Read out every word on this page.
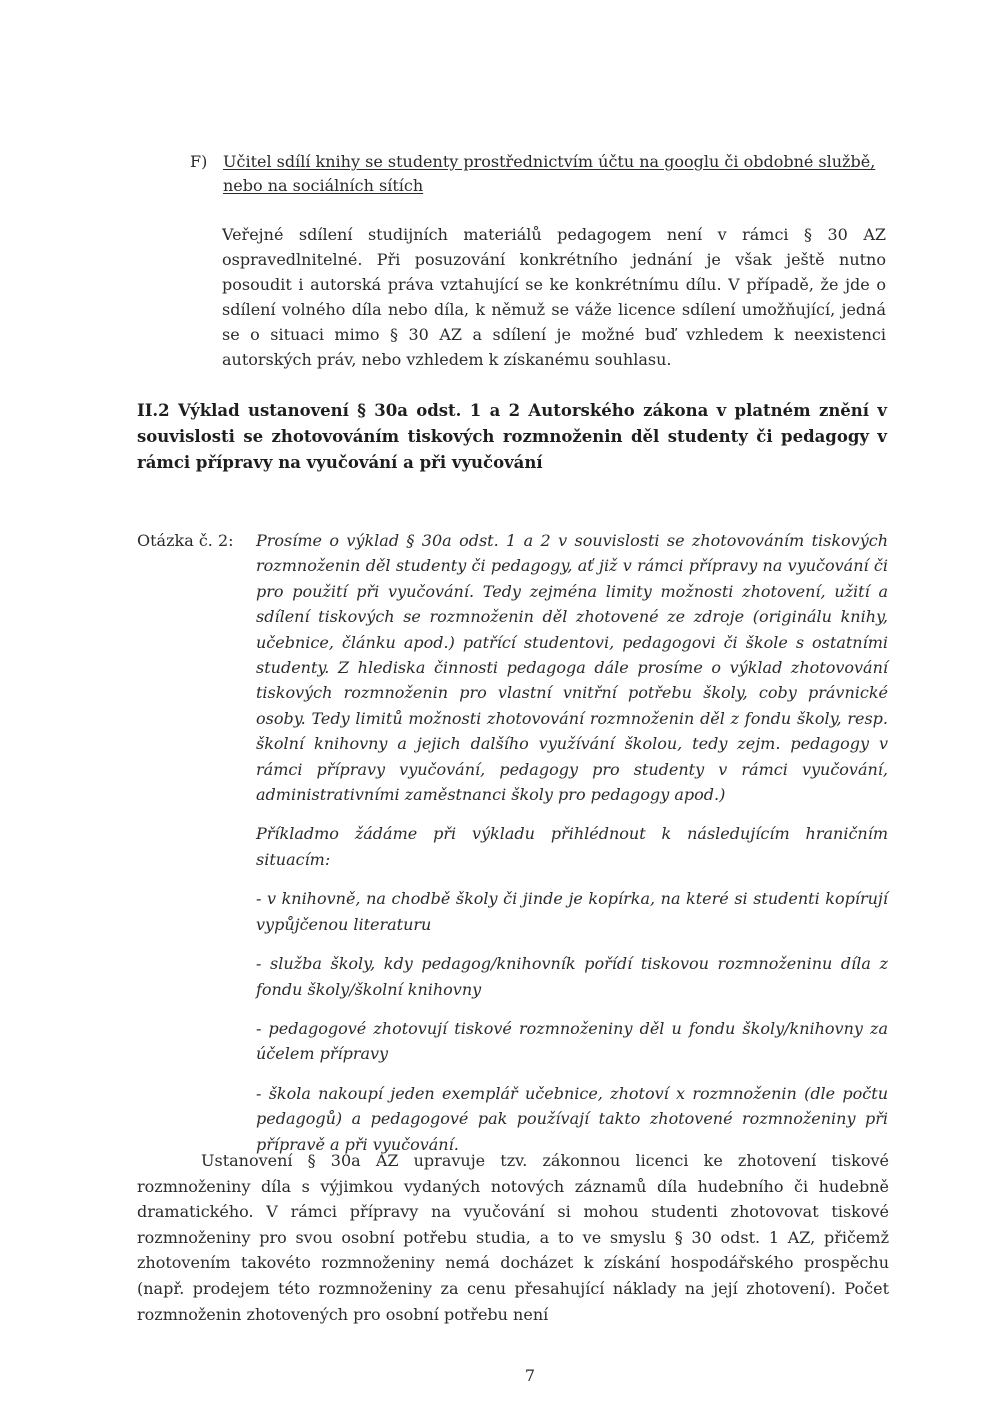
F) Učitel sdílí knihy se studenty prostřednictvím účtu na googlu či obdobné službě, nebo na sociálních sítích
Veřejné sdílení studijních materiálů pedagogem není v rámci § 30 AZ ospravedlnitelné. Při posuzování konkrétního jednání je však ještě nutno posoudit i autorská práva vztahující se ke konkrétnímu dílu. V případě, že jde o sdílení volného díla nebo díla, k němuž se váže licence sdílení umožňující, jedná se o situaci mimo § 30 AZ a sdílení je možné buď vzhledem k neexistenci autorských práv, nebo vzhledem k získanému souhlasu.
II.2 Výklad ustanovení § 30a odst. 1 a 2 Autorského zákona v platném znění v souvislosti se zhotovováním tiskových rozmnoženin děl studenty či pedagogy v rámci přípravy na vyučování a při vyučování
Otázka č. 2: Prosíme o výklad § 30a odst. 1 a 2 v souvislosti se zhotovováním tiskových rozmnoženin děl studenty či pedagogy, ať již v rámci přípravy na vyučování či pro použití při vyučování. Tedy zejména limity možnosti zhotovení, užití a sdílení tiskových se rozmnoženin děl zhotovené ze zdroje (originálu knihy, učebnice, článku apod.) patřící studentovi, pedagogovi či škole s ostatními studenty. Z hlediska činnosti pedagoga dále prosíme o výklad zhotovování tiskových rozmnoženin pro vlastní vnitřní potřebu školy, coby právnické osoby. Tedy limitů možnosti zhotovování rozmnoženin děl z fondu školy, resp. školní knihovny a jejich dalšího využívání školou, tedy zejm. pedagogy v rámci přípravy vyučování, pedagogy pro studenty v rámci vyučování, administrativními zaměstnanci školy pro pedagogy apod.)

Příkladmo žádáme při výkladu přihlédnout k následujícím hraničním situacím:

- v knihovně, na chodbě školy či jinde je kopírka, na které si studenti kopírují vypůjčenou literaturu

- služba školy, kdy pedagog/knihovník pořídí tiskovou rozmnoženinu díla z fondu školy/školní knihovny

- pedagogové zhotovují tiskové rozmnoženiny děl u fondu školy/knihovny za účelem přípravy

- škola nakoupí jeden exemplář učebnice, zhotoví x rozmnoženin (dle počtu pedagogů) a pedagogové pak používají takto zhotovené rozmnoženiny při přípravě a při vyučování.

Ustanovení § 30a AZ upravuje tzv. zákonnou licenci ke zhotovení tiskové rozmnoženiny díla s výjimkou vydaných notových záznamů díla hudebního či hudebně dramatického. V rámci přípravy na vyučování si mohou studenti zhotovovat tiskové rozmnoženiny pro svou osobní potřebu studia, a to ve smyslu § 30 odst. 1 AZ, přičemž zhotovením takovéto rozmnoženiny nemá docházet k získání hospodářského prospěchu (např. prodejem této rozmnoženiny za cenu přesahující náklady na její zhotovení). Počet rozmnoženin zhotovených pro osobní potřebu není
7
